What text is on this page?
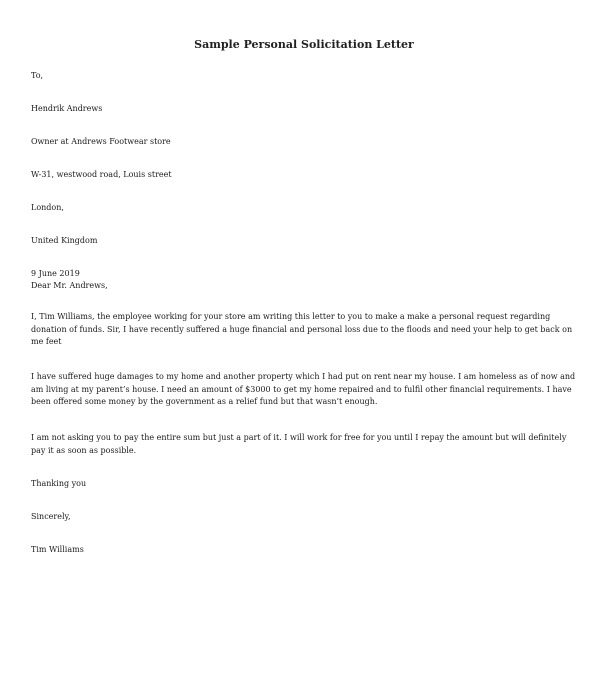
Sample Personal Solicitation Letter
To,
Hendrik Andrews
Owner at Andrews Footwear store
W-31, westwood road, Louis street
London,
United Kingdom
9 June 2019
Dear Mr. Andrews,
I, Tim Williams, the employee working for your store am writing this letter to you to make a make a personal request regarding donation of funds. Sir, I have recently suffered a huge financial and personal loss due to the floods and need your help to get back on me feet
I have suffered huge damages to my home and another property which I had put on rent near my house. I am homeless as of now and am living at my parent’s house. I need an amount of $3000 to get my home repaired and to fulfil other financial requirements. I have been offered some money by the government as a relief fund but that wasn’t enough.
I am not asking you to pay the entire sum but just a part of it. I will work for free for you until I repay the amount but will definitely pay it as soon as possible.
Thanking you
Sincerely,
Tim Williams
